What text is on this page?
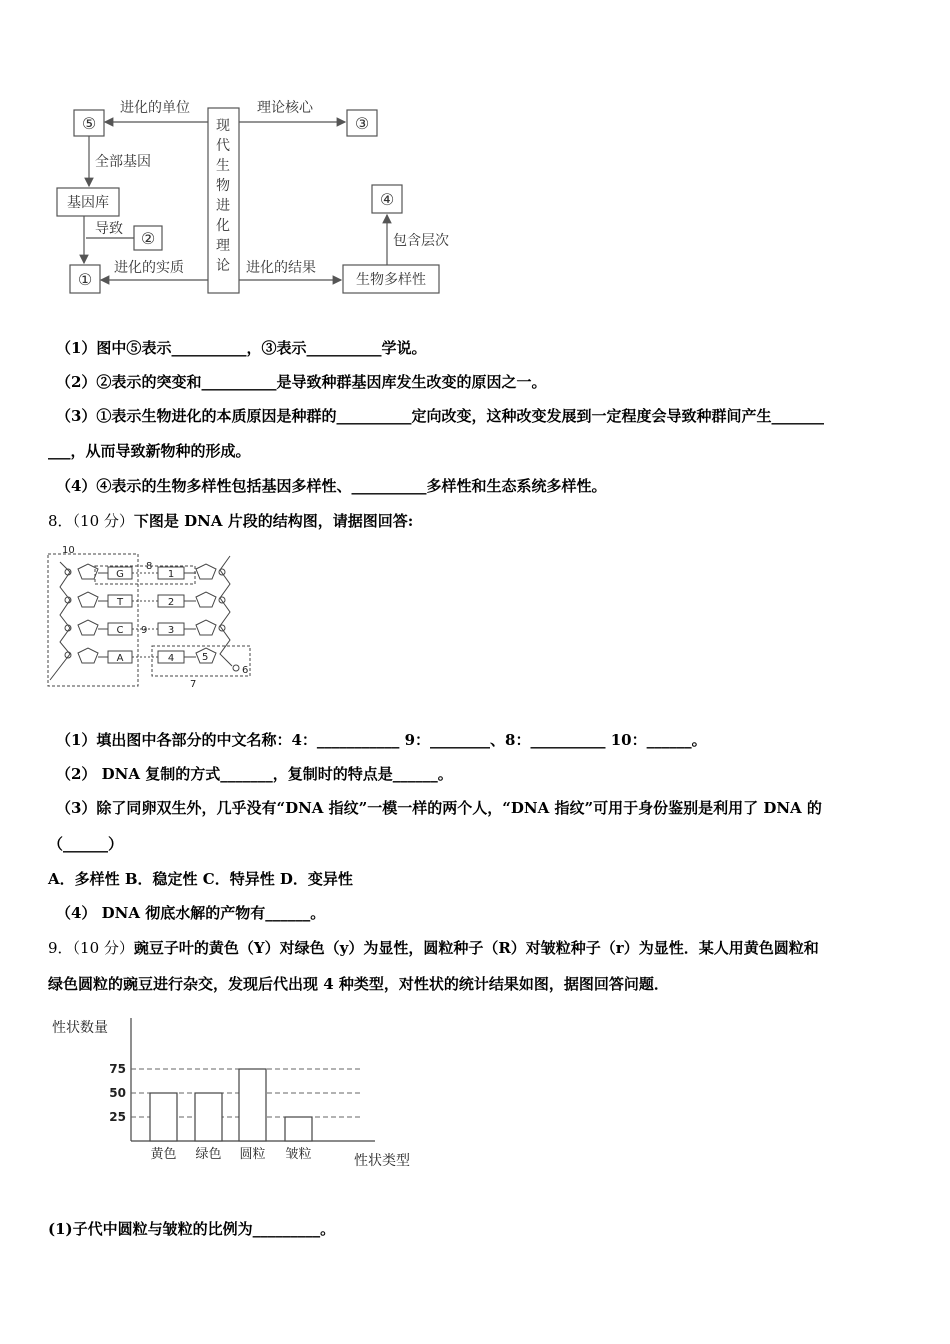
⑤	③
④
②
①
基因库
生物多样性
进化的单位	理论核心
全部基因
导致
进化的实质	进化的结果
包含层次
现
代
生
物
进
化
理
论
（1）图中⑤表示__________，③表示__________学说。
（2）②表示的突变和__________是导致种群基因库发生改变的原因之一。
（3）①表示生物进化的本质原因是种群的__________定向改变，这种改变发展到一定程度会导致种群间产生_______
___，从而导致新物种的形成。
（4）④表示的生物多样性包括基因多样性、__________多样性和生态系统多样性。
8．（10 分）下图是 DNA 片段的结构图，请据图回答:
G
T
C
A
1
2
3
4
10
8
9
5
6
7
（1）填出图中各部分的中文名称：4：___________ 9：________、8：__________ 10：______。
（2） DNA 复制的方式_______，复制时的特点是______。
（3）除了同卵双生外，几乎没有“DNA 指纹”一模一样的两个人，“DNA 指纹”可用于身份鉴别是利用了 DNA 的
（______）
A．多样性 B．稳定性 C．特异性 D．变异性
（4） DNA 彻底水解的产物有______。
9．（10 分）豌豆子叶的黄色（Y）对绿色（y）为显性，圆粒种子（R）对皱粒种子（r）为显性．某人用黄色圆粒和
绿色圆粒的豌豆进行杂交，发现后代出现 4 种类型，对性状的统计结果如图，据图回答问题．
性状数量
性状类型
25
50
75
黄色 绿色 圆粒 皱粒
(1)子代中圆粒与皱粒的比例为_________。
